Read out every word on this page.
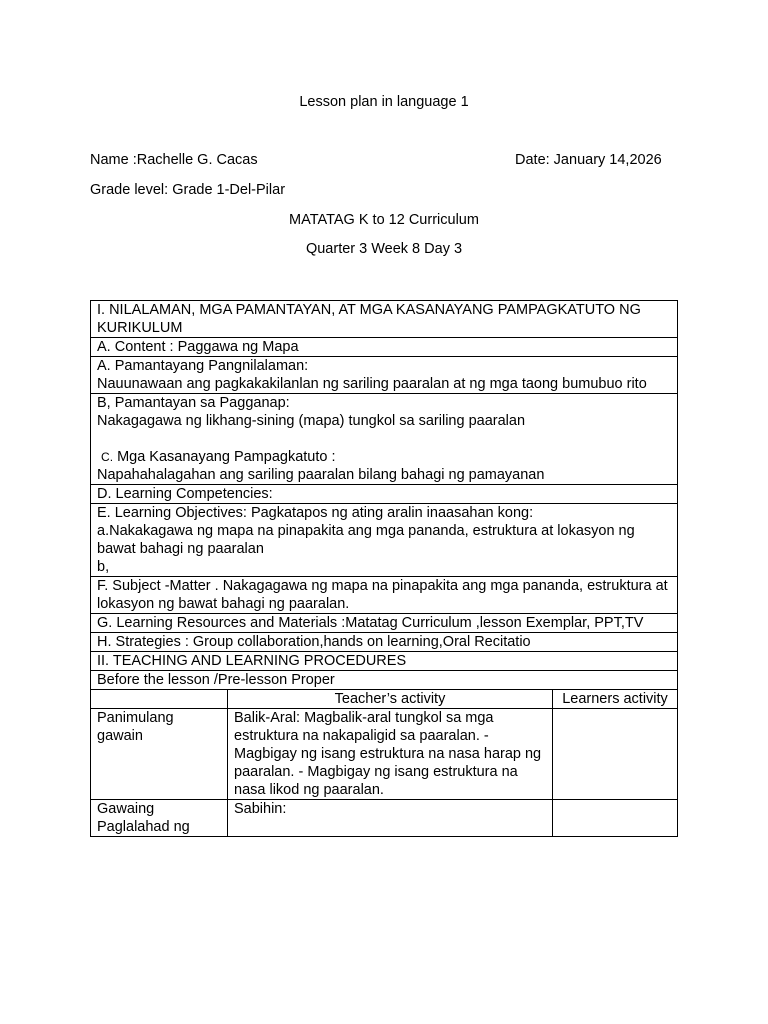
Lesson plan in language 1
Name :Rachelle G. Cacas	Date: January 14,2026
Grade level: Grade 1-Del-Pilar
MATATAG K to 12 Curriculum
Quarter 3 Week 8 Day 3
I. NILALAMAN, MGA PAMANTAYAN, AT MGA KASANAYANG PAMPAGKATUTO NG KURIKULUM		
A. Content : Paggawa ng Mapa		

A. Pamantayang Pangnilalaman:
Nauunawaan ang pagkakakilanlan ng sariling paaralan at ng mga taong bumubuo rito		

B, Pamantayan sa Pagganap:
Nakagagawa ng likhang-sining (mapa) tungkol sa sariling paaralan
C. Mga Kasanayang Pampagkatuto :
Napahahalagahan ang sariling paaralan bilang bahagi ng pamayanan		

D. Learning Competencies:		

E. Learning Objectives: Pagkatapos ng ating aralin inaasahan kong:
a.Nakakagawa ng mapa na pinapakita ang mga pananda, estruktura at lokasyon ng bawat bahagi ng paaralan
b,		

F. Subject -Matter . Nakagagawa ng mapa na pinapakita ang mga pananda, estruktura at lokasyon ng bawat bahagi ng paaralan.		
G. Learning Resources and Materials :Matatag Curriculum ,lesson Exemplar, PPT,TV		
H. Strategies : Group collaboration,hands on learning,Oral Recitatio		
II. TEACHING AND LEARNING PROCEDURES		
Before the lesson /Pre-lesson Proper		
	Teacher’s activity	Learners activity
Panimulang gawain	Balik-Aral: Magbalik-aral tungkol sa mga estruktura na nakapaligid sa paaralan. - Magbigay ng isang estruktura na nasa harap ng paaralan. - Magbigay ng isang estruktura na nasa likod ng paaralan.	
Gawaing Paglalahad ng	Sabihin:	
